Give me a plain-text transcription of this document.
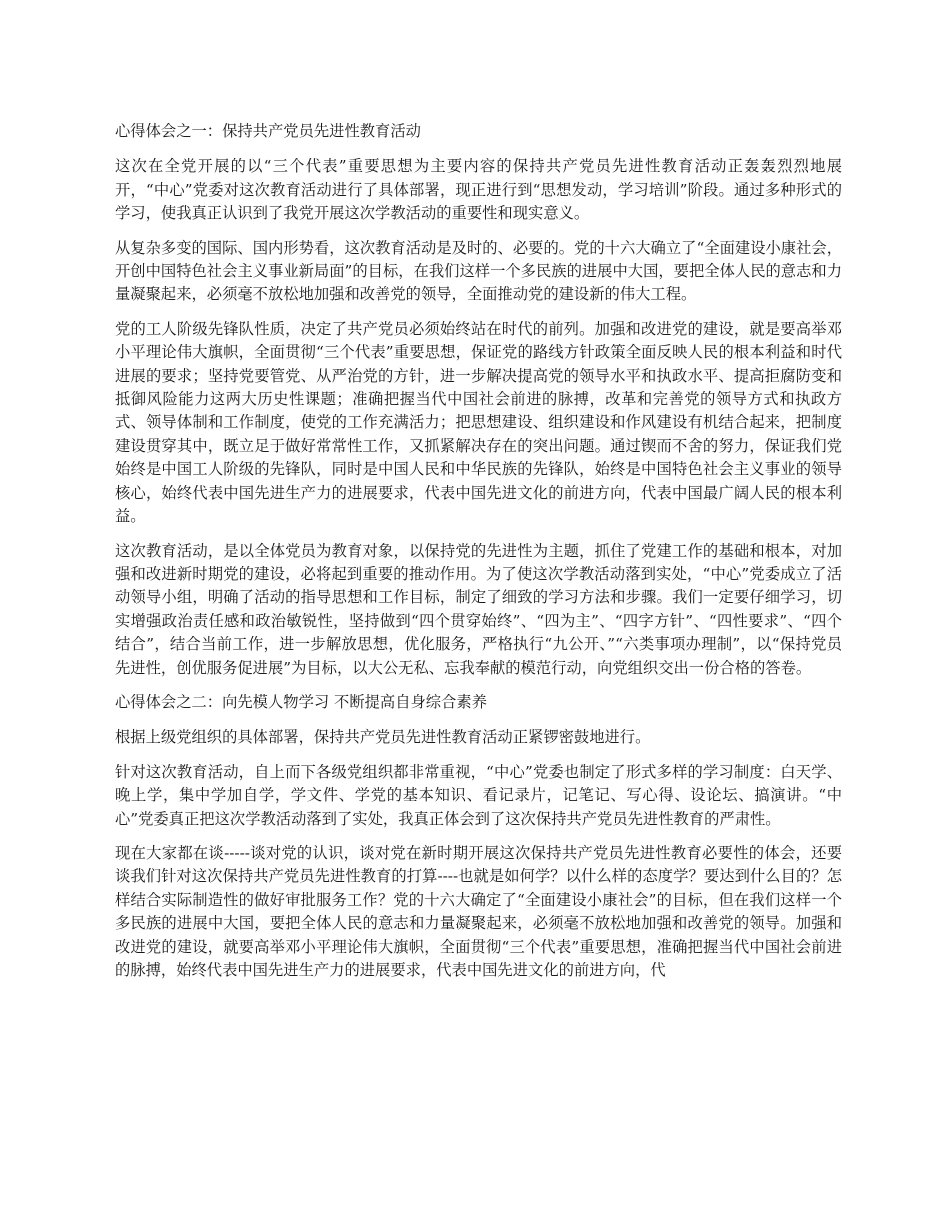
心得体会之一：保持共产党员先进性教育活动

这次在全党开展的以“三个代表”重要思想为主要内容的保持共产党员先进性教育活动正轰轰烈烈地展开，“中心”党委对这次教育活动进行了具体部署，现正进行到“思想发动，学习培训”阶段。通过多种形式的学习，使我真正认识到了我党开展这次学教活动的重要性和现实意义。

从复杂多变的国际、国内形势看，这次教育活动是及时的、必要的。党的十六大确立了“全面建设小康社会，开创中国特色社会主义事业新局面”的目标，在我们这样一个多民族的进展中大国，要把全体人民的意志和力量凝聚起来，必须毫不放松地加强和改善党的领导，全面推动党的建设新的伟大工程。

党的工人阶级先锋队性质，决定了共产党员必须始终站在时代的前列。加强和改进党的建设，就是要高举邓小平理论伟大旗帜，全面贯彻“三个代表”重要思想，保证党的路线方针政策全面反映人民的根本利益和时代进展的要求；坚持党要管党、从严治党的方针，进一步解决提高党的领导水平和执政水平、提高拒腐防变和抵御风险能力这两大历史性课题；准确把握当代中国社会前进的脉搏，改革和完善党的领导方式和执政方式、领导体制和工作制度，使党的工作充满活力；把思想建设、组织建设和作风建设有机结合起来，把制度建设贯穿其中，既立足于做好常常性工作，又抓紧解决存在的突出问题。通过锲而不舍的努力，保证我们党始终是中国工人阶级的先锋队，同时是中国人民和中华民族的先锋队，始终是中国特色社会主义事业的领导核心，始终代表中国先进生产力的进展要求，代表中国先进文化的前进方向，代表中国最广阔人民的根本利益。

这次教育活动，是以全体党员为教育对象，以保持党的先进性为主题，抓住了党建工作的基础和根本，对加强和改进新时期党的建设，必将起到重要的推动作用。为了使这次学教活动落到实处，“中心”党委成立了活动领导小组，明确了活动的指导思想和工作目标，制定了细致的学习方法和步骤。我们一定要仔细学习，切实增强政治责任感和政治敏锐性，坚持做到“四个贯穿始终”、“四为主”、“四字方针”、“四性要求”、“四个结合”，结合当前工作，进一步解放思想，优化服务，严格执行“九公开、”“六类事项办理制”，以“保持党员先进性，创优服务促进展”为目标，以大公无私、忘我奉献的模范行动，向党组织交出一份合格的答卷。

心得体会之二：向先模人物学习 不断提高自身综合素养

根据上级党组织的具体部署，保持共产党员先进性教育活动正紧锣密鼓地进行。

针对这次教育活动，自上而下各级党组织都非常重视，“中心”党委也制定了形式多样的学习制度：白天学、晚上学，集中学加自学，学文件、学党的基本知识、看记录片，记笔记、写心得、设论坛、搞演讲。“中心”党委真正把这次学教活动落到了实处，我真正体会到了这次保持共产党员先进性教育的严肃性。

现在大家都在谈-----谈对党的认识，谈对党在新时期开展这次保持共产党员先进性教育必要性的体会，还要谈我们针对这次保持共产党员先进性教育的打算----也就是如何学？以什么样的态度学？要达到什么目的？怎样结合实际制造性的做好审批服务工作？党的十六大确定了“全面建设小康社会”的目标，但在我们这样一个多民族的进展中大国，要把全体人民的意志和力量凝聚起来，必须毫不放松地加强和改善党的领导。加强和改进党的建设，就要高举邓小平理论伟大旗帜，全面贯彻“三个代表”重要思想，准确把握当代中国社会前进的脉搏，始终代表中国先进生产力的进展要求，代表中国先进文化的前进方向，代
